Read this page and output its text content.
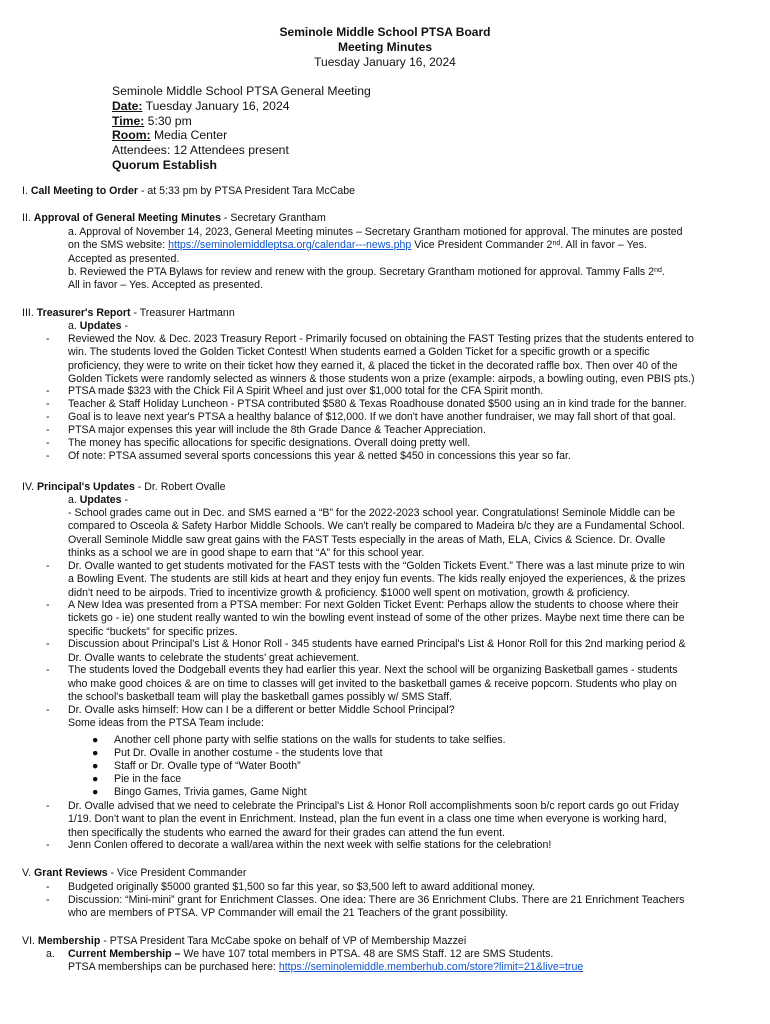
Seminole Middle School PTSA Board
Meeting Minutes
Tuesday January 16, 2024
Seminole Middle School PTSA General Meeting
Date: Tuesday January 16, 2024
Time: 5:30 pm
Room: Media Center
Attendees: 12 Attendees present
Quorum Establish
I. Call Meeting to Order - at 5:33 pm by PTSA President Tara McCabe
II. Approval of General Meeting Minutes - Secretary Grantham
a. Approval of November 14, 2023, General Meeting minutes – Secretary Grantham motioned for approval. The minutes are posted
on the SMS website: https://seminolemiddleptsa.org/calendar---news.php Vice President Commander 2nd. All in favor – Yes.
Accepted as presented.
b. Reviewed the PTA Bylaws for review and renew with the group. Secretary Grantham motioned for approval. Tammy Falls 2nd.
All in favor – Yes. Accepted as presented.
III. Treasurer's Report - Treasurer Hartmann
a. Updates -
- Reviewed the Nov. & Dec. 2023 Treasury Report - Primarily focused on obtaining the FAST Testing prizes that the students entered to
win. The students loved the Golden Ticket Contest! When students earned a Golden Ticket for a specific growth or a specific
proficiency, they were to write on their ticket how they earned it, & placed the ticket in the decorated raffle box. Then over 40 of the
Golden Tickets were randomly selected as winners & those students won a prize (example: airpods, a bowling outing, even PBIS pts.)
- PTSA made $323 with the Chick Fil A Spirit Wheel and just over $1,000 total for the CFA Spirit month.
- Teacher & Staff Holiday Luncheon - PTSA contributed $580 & Texas Roadhouse donated $500 using an in kind trade for the banner.
- Goal is to leave next year's PTSA a healthy balance of $12,000. If we don't have another fundraiser, we may fall short of that goal.
- PTSA major expenses this year will include the 8th Grade Dance & Teacher Appreciation.
- The money has specific allocations for specific designations. Overall doing pretty well.
- Of note: PTSA assumed several sports concessions this year & netted $450 in concessions this year so far.
IV. Principal's Updates - Dr. Robert Ovalle
a. Updates -
- School grades came out in Dec. and SMS earned a “B” for the 2022-2023 school year. Congratulations! Seminole Middle can be
compared to Osceola & Safety Harbor Middle Schools. We can't really be compared to Madeira b/c they are a Fundamental School.
Overall Seminole Middle saw great gains with the FAST Tests especially in the areas of Math, ELA, Civics & Science. Dr. Ovalle
thinks as a school we are in good shape to earn that “A” for this school year.
- Dr. Ovalle wanted to get students motivated for the FAST tests with the “Golden Tickets Event.” There was a last minute prize to win
a Bowling Event. The students are still kids at heart and they enjoy fun events. The kids really enjoyed the experiences, & the prizes
didn't need to be airpods. Tried to incentivize growth & proficiency. $1000 well spent on motivation, growth & proficiency.
- A New Idea was presented from a PTSA member: For next Golden Ticket Event: Perhaps allow the students to choose where their
tickets go - ie) one student really wanted to win the bowling event instead of some of the other prizes. Maybe next time there can be
specific “buckets” for specific prizes.
- Discussion about Principal's List & Honor Roll - 345 students have earned Principal's List & Honor Roll for this 2nd marking period &
Dr. Ovalle wants to celebrate the students' great achievement.
- The students loved the Dodgeball events they had earlier this year. Next the school will be organizing Basketball games - students
who make good choices & are on time to classes will get invited to the basketball games & receive popcorn. Students who play on
the school's basketball team will play the basketball games possibly w/ SMS Staff.
- Dr. Ovalle asks himself: How can I be a different or better Middle School Principal?
Some ideas from the PTSA Team include:
● Another cell phone party with selfie stations on the walls for students to take selfies.
● Put Dr. Ovalle in another costume - the students love that
● Staff or Dr. Ovalle type of “Water Booth”
● Pie in the face
● Bingo Games, Trivia games, Game Night
- Dr. Ovalle advised that we need to celebrate the Principal's List & Honor Roll accomplishments soon b/c report cards go out Friday
1/19. Don't want to plan the event in Enrichment. Instead, plan the fun event in a class one time when everyone is working hard,
then specifically the students who earned the award for their grades can attend the fun event.
- Jenn Conlen offered to decorate a wall/area within the next week with selfie stations for the celebration!
V. Grant Reviews - Vice President Commander
- Budgeted originally $5000 granted $1,500 so far this year, so $3,500 left to award additional money.
- Discussion: “Mini-mini” grant for Enrichment Classes. One idea: There are 36 Enrichment Clubs. There are 21 Enrichment Teachers
who are members of PTSA. VP Commander will email the 21 Teachers of the grant possibility.
VI. Membership - PTSA President Tara McCabe spoke on behalf of VP of Membership Mazzei
a. Current Membership – We have 107 total members in PTSA. 48 are SMS Staff. 12 are SMS Students.
PTSA memberships can be purchased here: https://seminolemiddle.memberhub.com/store?limit=21&live=true
